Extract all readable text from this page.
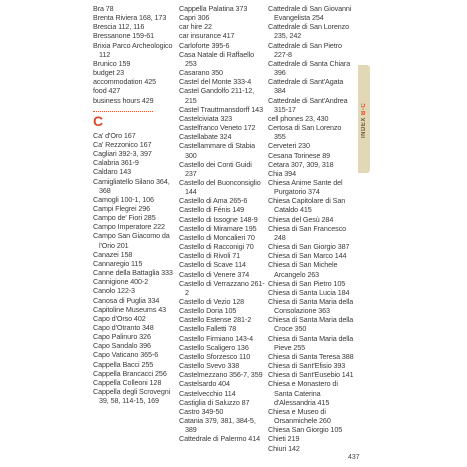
Bra 78
Brenta Riviera 168, 173
Brescia 112, 116
Bressanone 159-61
Brixia Parco Archeologico 112
Brunico 159
budget 23
accommodation 425
food 427
business hours 429
C
Ca' d'Oro 167
Ca' Rezzonico 167
Cagliari 392-3, 397
Calabria 361-9
Caldaro 143
Camigliatello Silano 364, 368
Camogli 100-1, 106
Campi Flegrei 296
Campo de' Fiori 285
Campo Imperatore 222
Campo San Giacomo da l'Orio 201
Canazei 158
Cannaregio 115
Canne della Battaglia 333
Cannigione 400-2
Canolo 122-3
Canosa di Puglia 334
Capitoline Museums 43
Capo d'Orso 402
Capo d'Otranto 348
Capo Palinuro 326
Capo Sandalo 396
Capo Vaticano 365-6
Cappella Bacci 255
Cappella Brancacci 256
Cappella Colleoni 128
Cappella degli Scrovegni 39, 58, 114-15, 169
Cappella Palatina 373
Capri 306
car hire 22
car insurance 417
Carloforte 395-6
Casa Natale di Raffaello 253
Casarano 350
Castel del Monte 333-4
Castel Gandolfo 211-12, 215
Castel Trauttmansdorff 143
Castelciviata 323
Castelfranco Veneto 172
Castellabate 324
Castellammare di Stabia 300
Castello dei Conti Guidi 237
Castello del Buonconsiglio 144
Castello di Ama 265-6
Castello di Fénis 149
Castello di Issogne 148-9
Castello di Miramare 195
Castello di Moncalieri 70
Castello di Racconigi 70
Castello di Rivoli 71
Castello di Scave 114
Castello di Venere 374
Castello di Verrazzano 261-2
Castello di Vezio 128
Castello Doria 105
Castello Estense 281-2
Castello Falletti 78
Castello Firmiano 143-4
Castello Scaligero 136
Castello Sforzesco 110
Castello Svevo 338
Castelmezzano 356-7, 359
Castelsardo 404
Castelvecchio 114
Castiglia di Saluzzo 87
Castro 349-50
Catania 379, 381, 384-5, 389
Cattedrale di Palermo 414
Cattedrale di San Giovanni Evangelista 254
Cattedrale di San Lorenzo 235, 242
Cattedrale di San Pietro 227-8
Cattedrale di Santa Chiara 396
Cattedrale di Sant'Agata 384
Cattedrale di Sant'Andrea 315-17
cell phones 23, 430
Certosa di San Lorenzo 355
Cerveteri 230
Cesana Torinese 89
Cetara 307, 309, 318
Chia 394
Chiesa Anime Sante del Purgatorio 374
Chiesa Capitolare di San Cataldo 415
Chiesa del Gesù 284
Chiesa di San Francesco 248
Chiesa di San Giorgio 387
Chiesa di San Marco 144
Chiesa di San Michele Arcangelo 263
Chiesa di San Pietro 105
Chiesa di Santa Lucia 184
Chiesa di Santa Maria della Consolazione 363
Chiesa di Santa Maria della Croce 350
Chiesa di Santa Maria della Pieve 255
Chiesa di Santa Teresa 388
Chiesa di Sant'Efisio 393
Chiesa di Sant'Eusebio 141
Chiesa e Monastero di Santa Caterina d'Alessandria 415
Chiesa e Museo di Orsanmichele 260
Chiesa San Giorgio 105
Chieti 219
Chiuri 142
INDEX

B-C
437
